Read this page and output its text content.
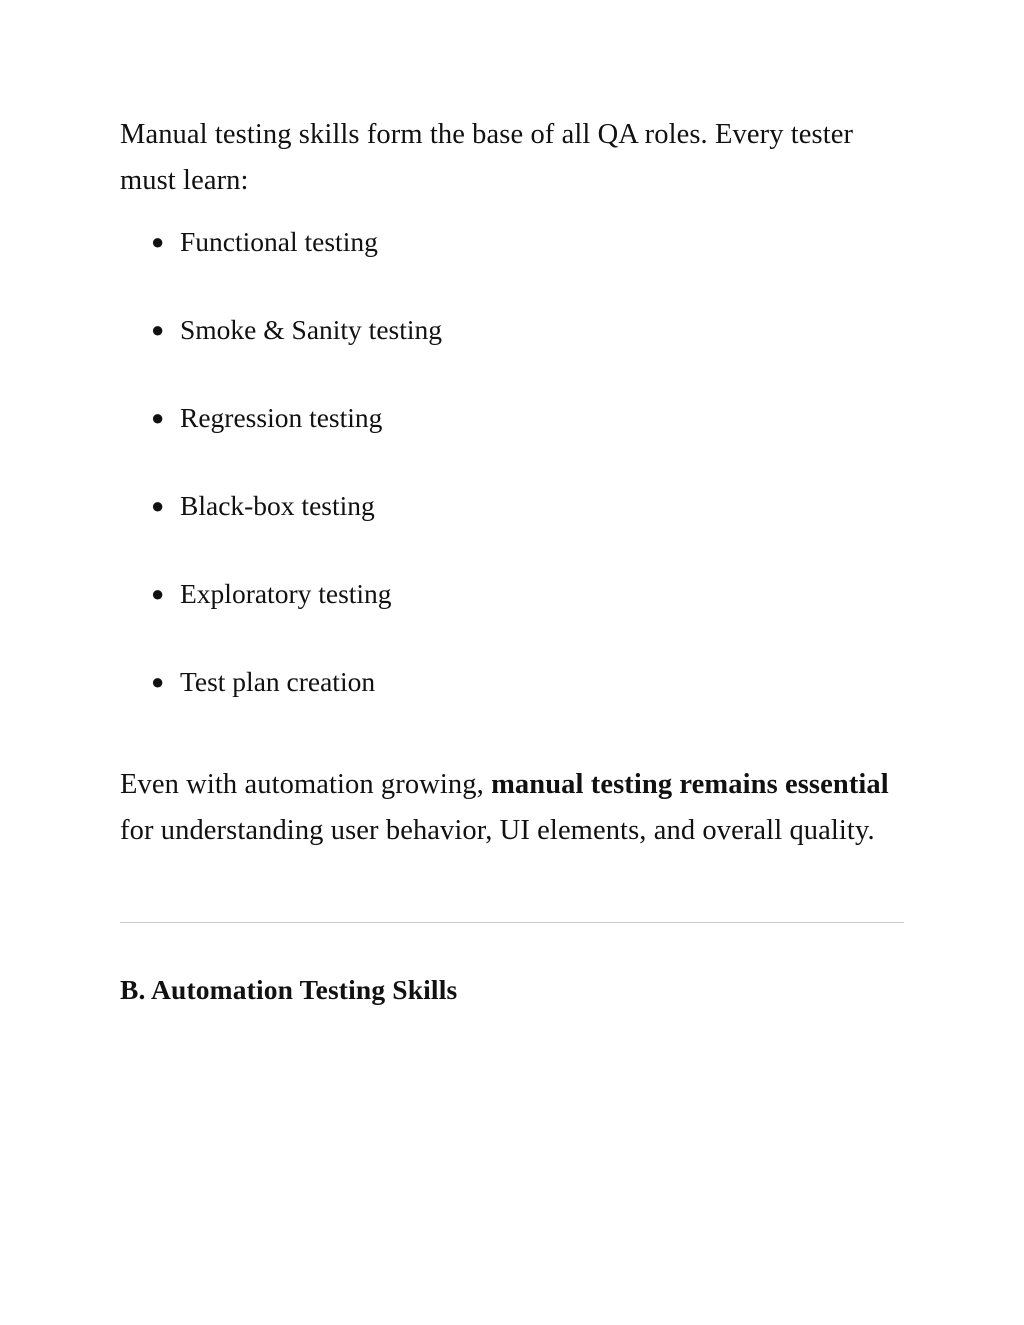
Manual testing skills form the base of all QA roles. Every tester must learn:

● Functional testing
● Smoke & Sanity testing
● Regression testing
● Black-box testing
● Exploratory testing
● Test plan creation

Even with automation growing, manual testing remains essential for understanding user behavior, UI elements, and overall quality.

B. Automation Testing Skills
